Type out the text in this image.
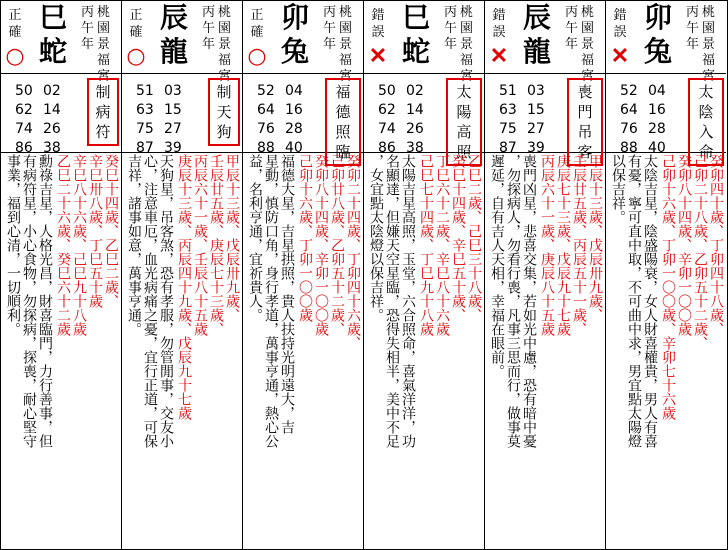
正
確
○
巳
蛇
丙
午
年
桃
園
景
福
宮
50 02
62 14
74 26
86 38
制
病
符
癸巳十四歲、乙巳二歲、
辛巳卅八歲、丁巳五十歲
辛巳八十六歲、己巳九十八歲
乙巳二十六歲、癸巳六十二歲
勳祿吉星，人格光昌，財喜臨門，力行善事，但
有病符星，小心食物，勿探病，探喪，耐心堅守
事業，福到心清，一切順利。
正
確
○
辰
龍
丙
午
年
桃
園
景
福
宮
51 03
63 15
75 27
87 39
制
天
狗
甲辰十三歲、戊辰卅九歲、
壬辰廿五歲、庚辰七十三歲、
丙辰六十一歲、壬辰八十五歲
庚辰十三歲、丙辰四十九歲、戊辰九十七歲
天狗星，吊客煞，恐有孝服，勿管閒事，交友小
心，注意車厄，血光病痛之憂，宜行正道，可保
吉祥，諸事如意，萬事亨通。
正
確
○
卯
兔
丙
午
年
桃
園
景
福
宮
52 04
64 16
76 28
88 40
福
德
照
臨
癸卯二十四歲、丁卯四十六歲、
己卯廿八歲、乙卯五十二歲、
癸卯八十四歲、辛卯一〇〇歲
己卯十六歲、丁卯一〇〇歲
福德大星，吉星拱照，貴人扶持光明遠大，吉
星動，慎防口角，身行孝道，萬事亨通，熱心公
益，名利亨通，宜祈貴人。
錯
誤
✕
巳
蛇
丙
午
年
桃
園
景
福
宮
50 02
62 14
74 26
86 38
太
陽
高
照
乙巳二歲、己巳三十八歲、
癸巳十四歲、辛巳五十歲、
丁巳六十二歲、辛巳八十六歲
己巳七十四歲、丁巳九十八歲
太陽吉星高照，玉堂，六合照命，喜氣洋洋，功
名顯達，但嫌天空星臨，恐得失相半，美中不足
，女宜點太陰燈以保吉祥。
錯
誤
✕
辰
龍
丙
午
年
桃
園
景
福
宮
51 03
63 15
75 27
87 39
喪
門
吊
客
甲辰十三歲、戊辰卅九歲、
壬辰廿五歲、丙辰五十一歲、
庚辰七十三歲、戊辰九十七歲
丙辰六十一歲、庚辰八十五歲
喪門凶星，悲喜交集，若如光中慮，恐有暗中憂
，勿探病人，勿看行喪，凡事三思而行，做事莫
遲延，自有吉人天相，幸福在眼前。
錯
誤
✕
卯
兔
丙
午
年
桃
園
景
福
宮
52 04
64 16
76 28
88 40
太
陰
入
命
癸卯四十歲、丁卯四十八歲、
己卯二十八歲、乙卯五十二歲、
癸卯八十四歲、辛卯一〇〇歲
己卯十六歲、丁卯一〇〇歲、辛卯七十六歲
太陰吉星，陰盛陽衰，女人財喜權貴，男人有喜
有憂，寧可直中取，不可曲中求，男宜點太陽燈
以保吉祥。
